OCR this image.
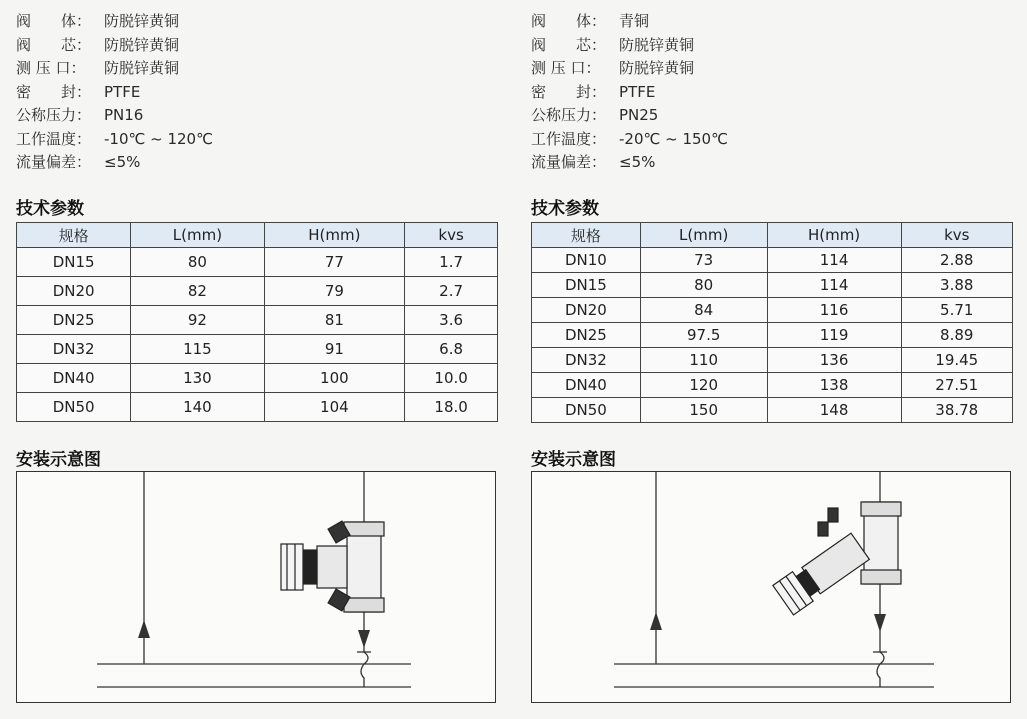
阀　　体： 防脱锌黄铜
阀　　芯： 防脱锌黄铜
测 压 口： 防脱锌黄铜
密　　封： PTFE
公称压力： PN16
工作温度： -10℃ ~ 120℃
流量偏差： ≤5%
技术参数
规格	L(mm)	H(mm)	kvs
DN15	80	77	1.7
DN20	82	79	2.7
DN25	92	81	3.6
DN32	115	91	6.8
DN40	130	100	10.0
DN50	140	104	18.0
安装示意图
阀　　体： 青铜
阀　　芯： 防脱锌黄铜
测 压 口： 防脱锌黄铜
密　　封： PTFE
公称压力： PN25
工作温度： -20℃ ~ 150℃
流量偏差： ≤5%
技术参数
规格	L(mm)	H(mm)	kvs
DN10	73	114	2.88
DN15	80	114	3.88
DN20	84	116	5.71
DN25	97.5	119	8.89
DN32	110	136	19.45
DN40	120	138	27.51
DN50	150	148	38.78
安装示意图
